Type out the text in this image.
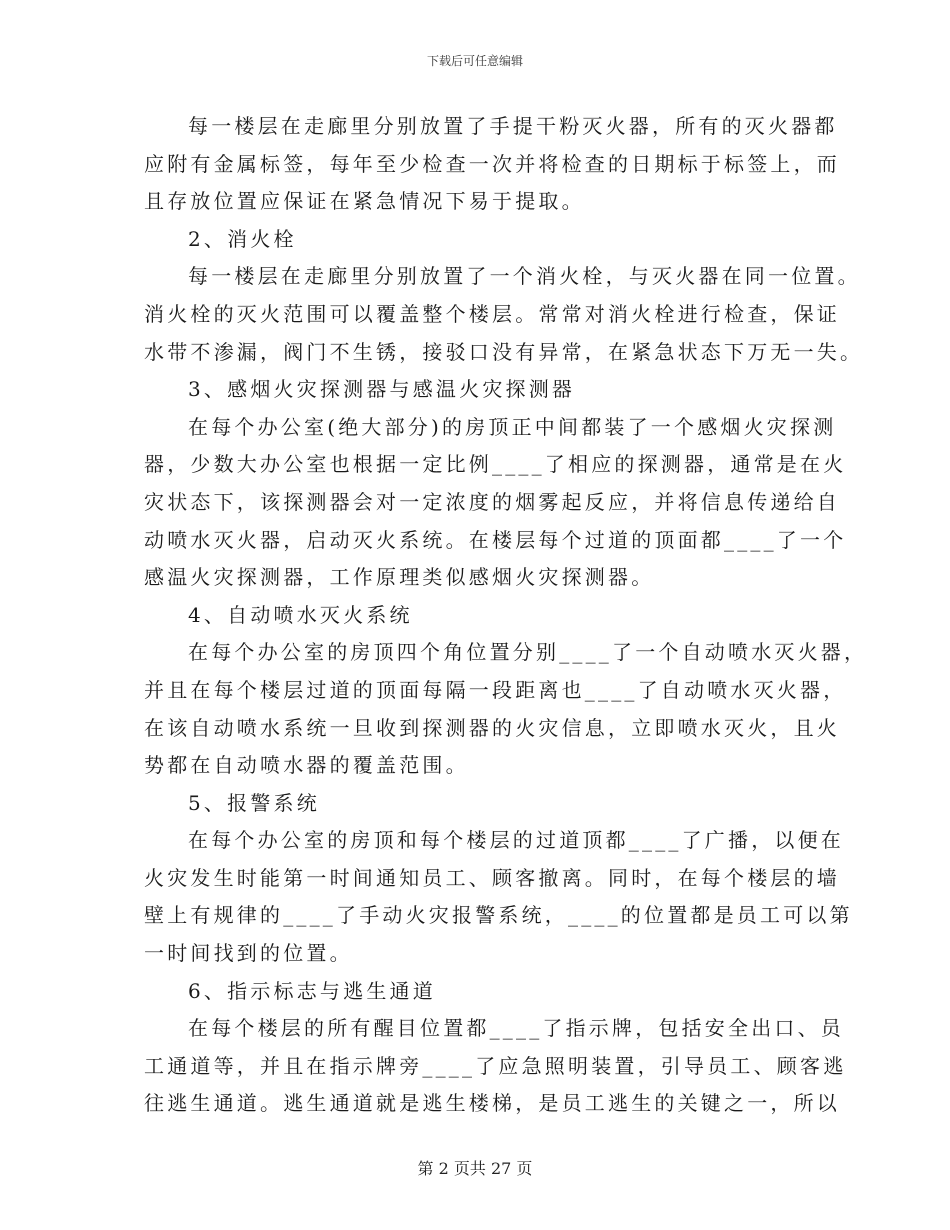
下载后可任意编辑
每一楼层在走廊里分别放置了手提干粉灭火器，所有的灭火器都
应附有金属标签，每年至少检查一次并将检查的日期标于标签上，而
且存放位置应保证在紧急情况下易于提取。
2、消火栓
每一楼层在走廊里分别放置了一个消火栓，与灭火器在同一位置。
消火栓的灭火范围可以覆盖整个楼层。常常对消火栓进行检查，保证
水带不渗漏，阀门不生锈，接驳口没有异常，在紧急状态下万无一失。
3、感烟火灾探测器与感温火灾探测器
在每个办公室(绝大部分)的房顶正中间都装了一个感烟火灾探测
器，少数大办公室也根据一定比例____了相应的探测器，通常是在火
灾状态下，该探测器会对一定浓度的烟雾起反应，并将信息传递给自
动喷水灭火器，启动灭火系统。在楼层每个过道的顶面都____了一个
感温火灾探测器，工作原理类似感烟火灾探测器。
4、自动喷水灭火系统
在每个办公室的房顶四个角位置分别____了一个自动喷水灭火器，
并且在每个楼层过道的顶面每隔一段距离也____了自动喷水灭火器，
在该自动喷水系统一旦收到探测器的火灾信息，立即喷水灭火，且火
势都在自动喷水器的覆盖范围。
5、报警系统
在每个办公室的房顶和每个楼层的过道顶都____了广播，以便在
火灾发生时能第一时间通知员工、顾客撤离。同时，在每个楼层的墙
壁上有规律的____了手动火灾报警系统，____的位置都是员工可以第
一时间找到的位置。
6、指示标志与逃生通道
在每个楼层的所有醒目位置都____了指示牌，包括安全出口、员
工通道等，并且在指示牌旁____了应急照明装置，引导员工、顾客逃
往逃生通道。逃生通道就是逃生楼梯，是员工逃生的关键之一，所以
第 2 页共 27 页
